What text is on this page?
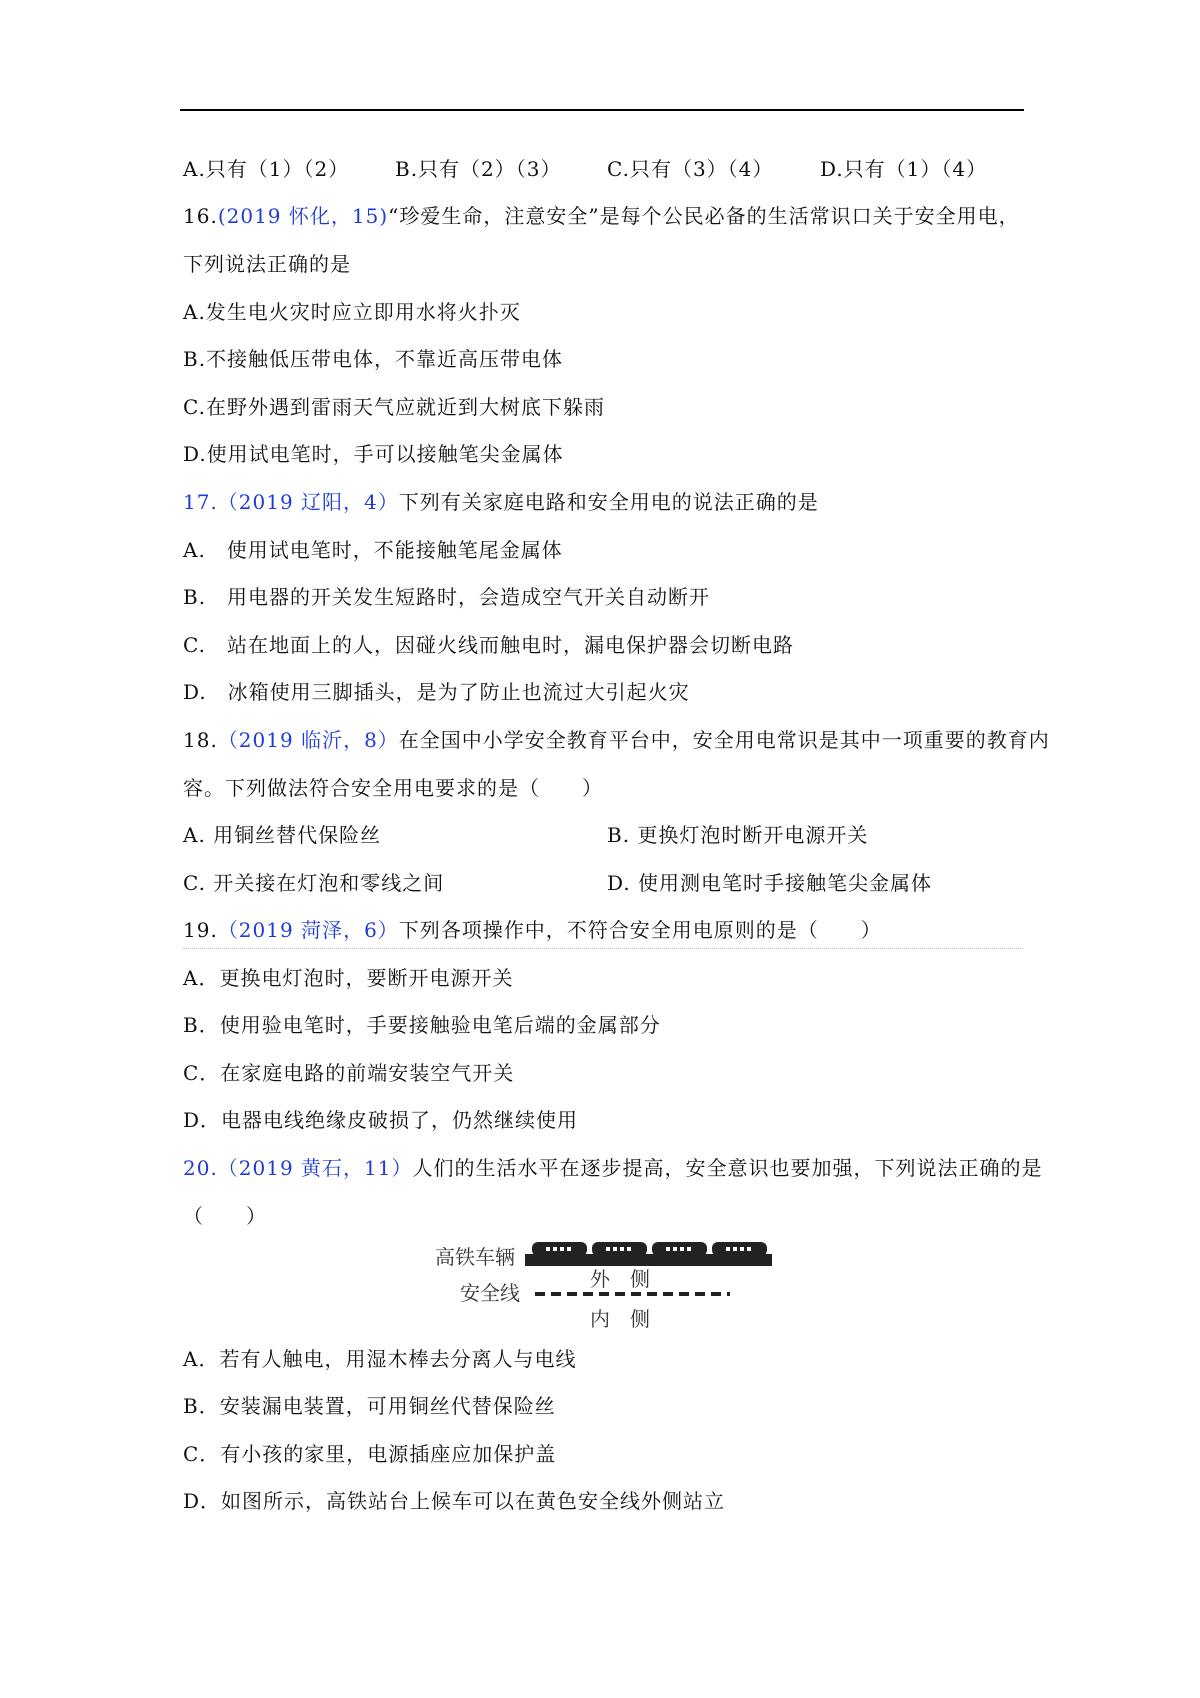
A.只有（1）（2） B.只有（2）（3） C.只有（3）（4） D.只有（1）（4）
16.(2019 怀化，15)“珍爱生命，注意安全”是每个公民必备的生活常识口关于安全用电，
下列说法正确的是
A.发生电火灾时应立即用水将火扑灭
B.不接触低压带电体，不靠近高压带电体
C.在野外遇到雷雨天气应就近到大树底下躲雨
D.使用试电笔时，手可以接触笔尖金属体
17.（2019 辽阳，4）下列有关家庭电路和安全用电的说法正确的是
A.　使用试电笔时，不能接触笔尾金属体
B.　用电器的开关发生短路时，会造成空气开关自动断开
C.　站在地面上的人，因碰火线而触电时，漏电保护器会切断电路
D.　冰箱使用三脚插头，是为了防止也流过大引起火灾
18.（2019 临沂，8）在全国中小学安全教育平台中，安全用电常识是其中一项重要的教育内
容。下列做法符合安全用电要求的是（　　）
A. 用铜丝替代保险丝	B. 更换灯泡时断开电源开关
C. 开关接在灯泡和零线之间	D. 使用测电笔时手接触笔尖金属体
19.（2019 菏泽，6）下列各项操作中，不符合安全用电原则的是（　　）
A．更换电灯泡时，要断开电源开关
B．使用验电笔时，手要接触验电笔后端的金属部分
C．在家庭电路的前端安装空气开关
D．电器电线绝缘皮破损了，仍然继续使用
20.（2019 黄石，11）人们的生活水平在逐步提高，安全意识也要加强，下列说法正确的是
（　　）
高铁车辆
外　侧
安全线
内　侧
A．若有人触电，用湿木棒去分离人与电线
B．安装漏电装置，可用铜丝代替保险丝
C．有小孩的家里，电源插座应加保护盖
D．如图所示，高铁站台上候车可以在黄色安全线外侧站立
